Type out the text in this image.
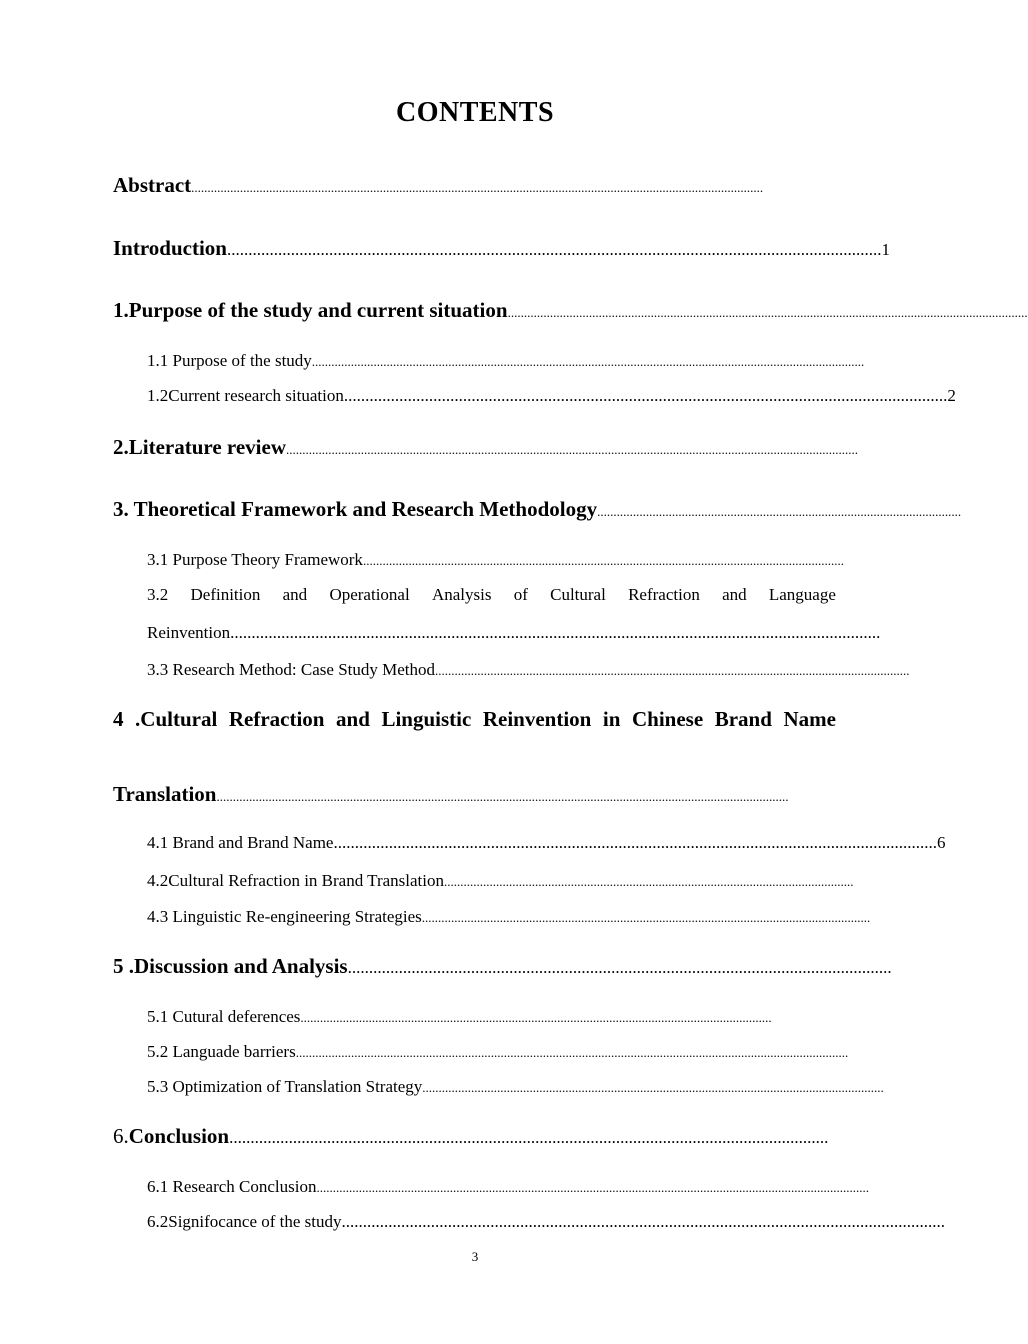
CONTENTS
Abstract ................................................................................................................................................................................
Introduction .......................................................................................................................................................... 1
1.Purpose of the study and current situation ................................................................................................................................................................
1.1 Purpose of the study ..........................................................................................................................................................................
1.2Current research situation .............................................................................................................................................. 2
2.Literature review ................................................................................................................................................................................
3. Theoretical Framework and Research Methodology ................................................................................................................
3.1 Purpose Theory Framework ....................................................................................................................................................
3.2 Definition and Operational Analysis of Cultural Refraction and Language
Reinvention .........................................................................................................................................................
3.3 Research Method: Case Study Method ..................................................................................................................................................
4 .Cultural Refraction and Linguistic Reinvention in Chinese Brand Name
Translation ................................................................................................................................................................................
4.1 Brand and Brand Name .............................................................................................................................................. 6
4.2Cultural Refraction in Brand Translation ..............................................................................................................................
4.3 Linguistic Re-engineering Strategies ..........................................................................................................................................
5 .Discussion and Analysis ................................................................................................................................
5.1 Cutural deferences .................................................................................................................................................
5.2 Languade barriers ..........................................................................................................................................................................
5.3 Optimization of Translation Strategy ..............................................................................................................................................
6. Conclusion .............................................................................................................................................
6.1 Research Conclusion ..........................................................................................................................................................................
6.2Signifocance of the study ..............................................................................................................................................
3
